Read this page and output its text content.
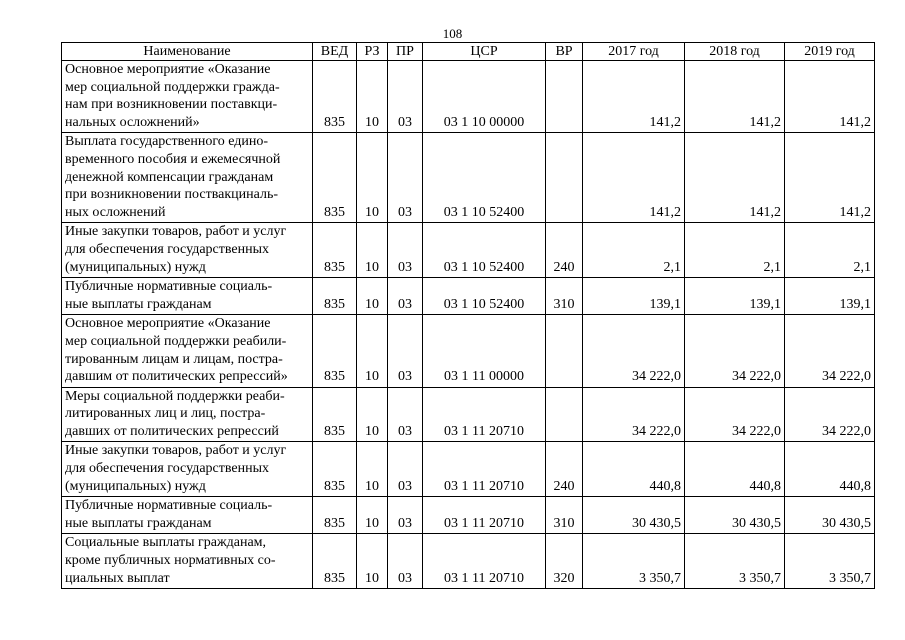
108
Наименование	ВЕД	РЗ	ПР	ЦСР	ВР	2017 год	2018 год	2019 год

Основное мероприятие «Оказание
мер социальной поддержки гражда-
нам при возникновении поставкци-
нальных осложнений»	835	10	03	03 1 10 00000		141,2	141,2	141,2

Выплата государственного едино-
временного пособия и ежемесячной
денежной компенсации гражданам
при возникновении поствакциналь-
ных осложнений	835	10	03	03 1 10 52400		141,2	141,2	141,2

Иные закупки товаров, работ и услуг
для обеспечения государственных
(муниципальных) нужд	835	10	03	03 1 10 52400	240	2,1	2,1	2,1

Публичные нормативные социаль-
ные выплаты гражданам	835	10	03	03 1 10 52400	310	139,1	139,1	139,1

Основное мероприятие «Оказание
мер социальной поддержки реабили-
тированным лицам и лицам, постра-
давшим от политических репрессий»	835	10	03	03 1 11 00000		34 222,0	34 222,0	34 222,0

Меры социальной поддержки реаби-
литированных лиц и лиц, постра-
давших от политических репрессий	835	10	03	03 1 11 20710		34 222,0	34 222,0	34 222,0

Иные закупки товаров, работ и услуг
для обеспечения государственных
(муниципальных) нужд	835	10	03	03 1 11 20710	240	440,8	440,8	440,8

Публичные нормативные социаль-
ные выплаты гражданам	835	10	03	03 1 11 20710	310	30 430,5	30 430,5	30 430,5

Социальные выплаты гражданам,
кроме публичных нормативных со-
циальных выплат	835	10	03	03 1 11 20710	320	3 350,7	3 350,7	3 350,7
